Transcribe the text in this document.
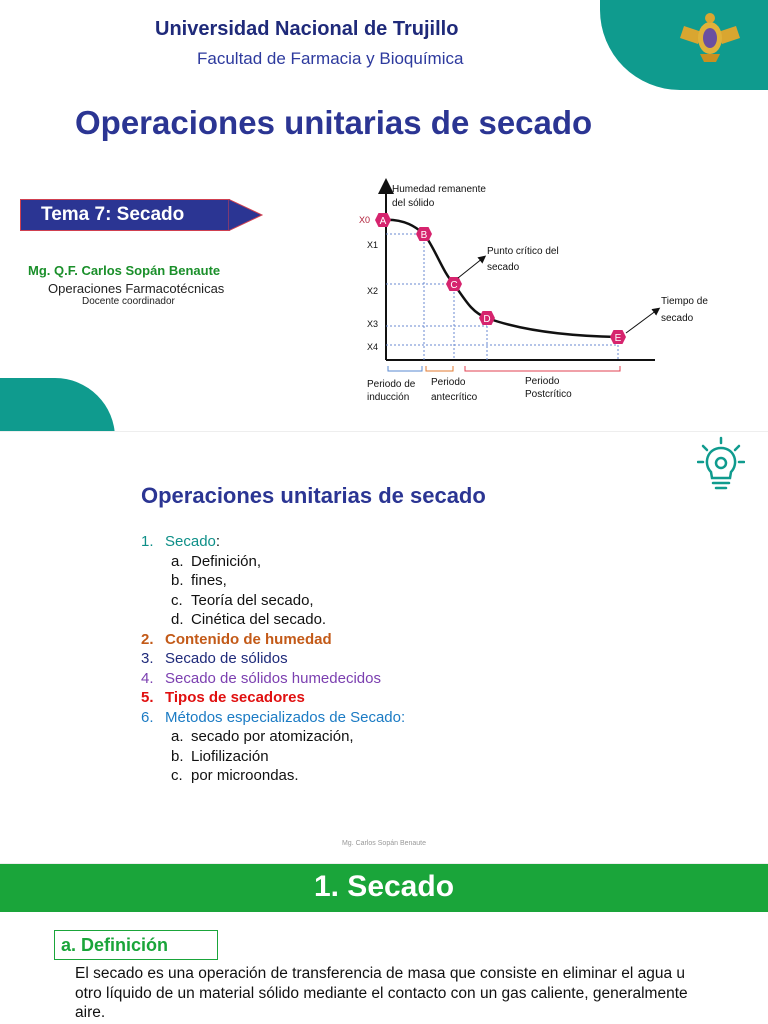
Universidad Nacional de Trujillo
Facultad de Farmacia y Bioquímica
Operaciones unitarias de secado
Tema 7: Secado
Mg. Q.F. Carlos Sopán Benaute
Operaciones Farmacotécnicas
Docente coordinador
A
B
C
D
E
X0
X1
X2
X3
X4
Humedad remanente
del sólido
Punto crítico del
secado
Tiempo de
secado
Periodo de
inducción
Periodo
antecrítico
Periodo
Postcrítico
Operaciones unitarias de secado
1. Secado:
a. Definición,
b. fines,
c. Teoría del secado,
d. Cinética del secado.
2. Contenido de humedad
3. Secado de sólidos
4. Secado de sólidos humedecidos
5. Tipos de secadores
6. Métodos especializados de Secado:
a. secado por atomización,
b. Liofilización
c. por microondas.
Mg. Carlos Sopán Benaute
1. Secado
a. Definición

El secado es una operación de transferencia de masa que consiste en eliminar el agua u otro líquido de un material sólido mediante el contacto con un gas caliente, generalmente aire.
